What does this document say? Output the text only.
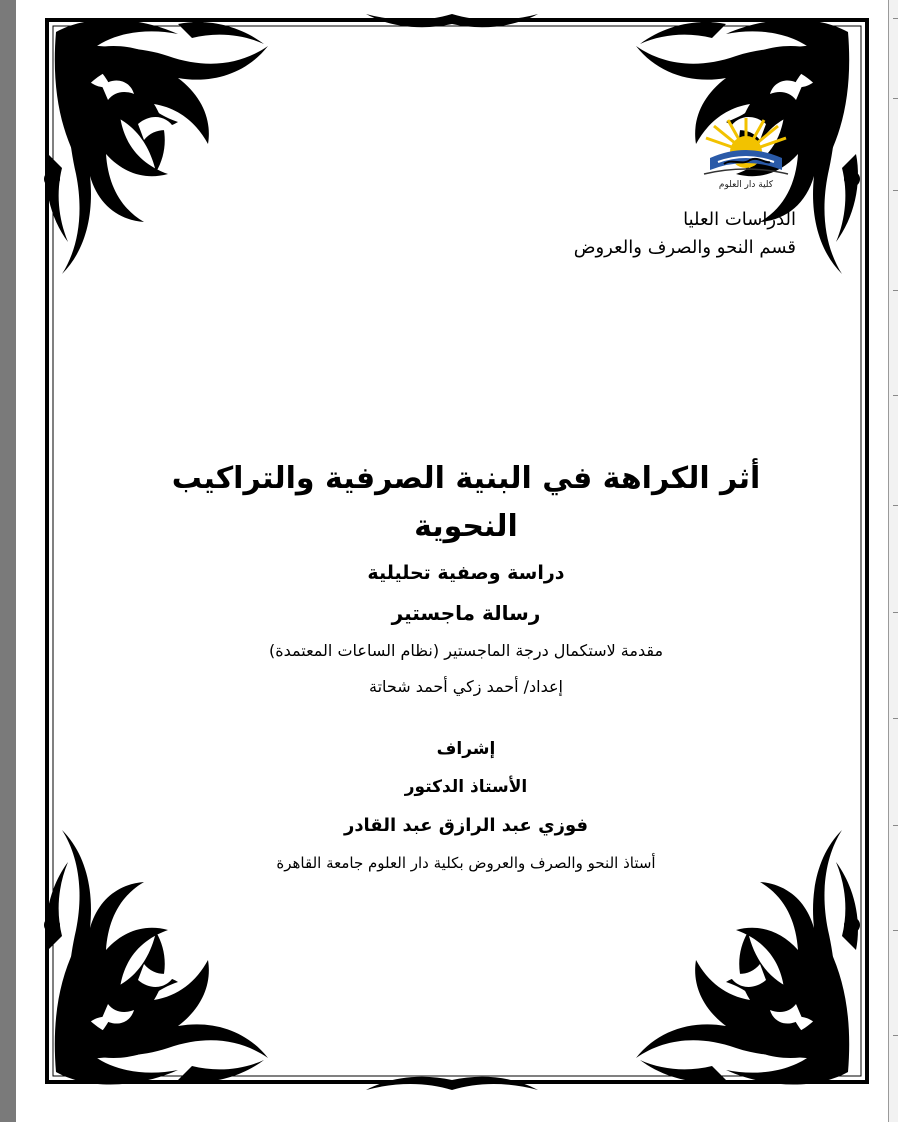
كلية دار العلوم
الدراسات العليا
قسم النحو والصرف والعروض
أثر الكراهة في البنية الصرفية والتراكيب النحوية
دراسة وصفية تحليلية
رسالة ماجستير
مقدمة لاستكمال درجة الماجستير (نظام الساعات المعتمدة)
إعداد/ أحمد زكي أحمد شحاتة
إشراف
الأستاذ الدكتور
فوزي عبد الرازق عبد القادر
أستاذ النحو والصرف والعروض بكلية دار العلوم جامعة القاهرة
